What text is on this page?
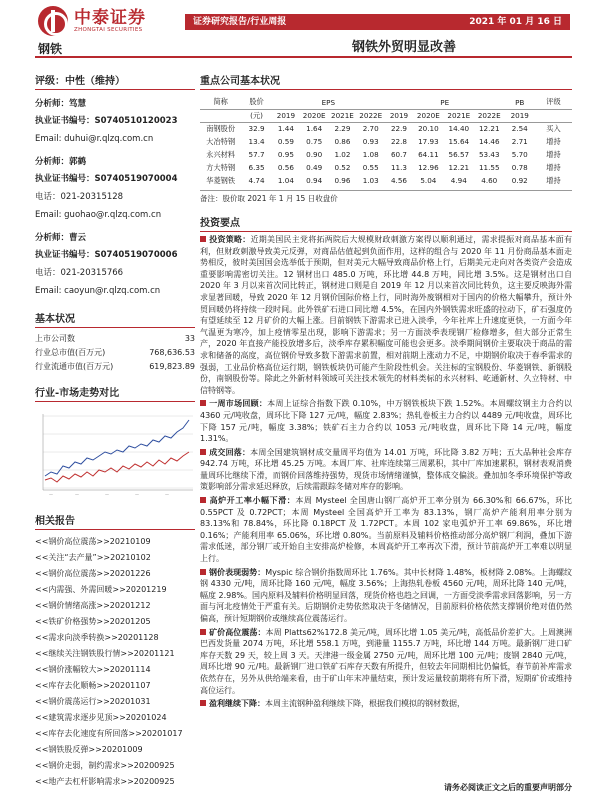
中泰证券
ZHONGTAI SECURITIES
证券研究报告/行业周报	2021 年 01 月 16 日
钢铁	钢铁外贸明显改善
评级：中性（维持）
分析师：笃慧
执业证书编号：S0740510120023
Email: duhui@r.qlzq.com.cn
分析师：郭鹤
执业证书编号：S0740519070004
电话：021-20315128
Email: guohao@r.qlzq.com.cn
分析师：曹云
执业证书编号：S0740519070006
电话：021-20315766
Email: caoyun@r.qlzq.com.cn
基本状况
上市公司数	33
行业总市值(百万元)	768,636.53
行业流通市值(百万元)	619,823.89
行业-市场走势对比
—	—	—	—	—
相关报告
<<钢价高位震荡>>20210109
<<关注“去产量”>>20210102
<<钢价高位震荡>>20201226
<<内需强、外需回暖>>20201219
<<钢价情绪高涨>>20201212
<<铁矿价格强势>>20201205
<<需求向淡季转换>>20201128
<<继续关注钢铁股行情>>20201121
<<钢价涨幅较大>>20201114
<<库存去化顺畅>>20201107
<<钢价震荡运行>>20201031
<<建筑需求逐步见顶>>20201024
<<库存去化速度有所回落>>20201017
<<钢铁股反弹>>20201009
<<钢价走弱，制约需求>>20200925
<<地产去杠杆影响需求>>20200925
重点公司基本状况
简称	股价	EPS				PE				PB	评级
	(元)	2019	2020E	2021E	2022E	2019	2020E	2021E	2022E	2019	
南钢股份	32.9	1.44	1.64	2.29	2.70	22.9	20.10	14.40	12.21	2.54	买入
大冶特钢	13.4	0.59	0.75	0.86	0.93	22.8	17.93	15.64	14.46	2.71	增持
永兴材料	57.7	0.95	0.90	1.02	1.08	60.7	64.11	56.57	53.43	5.70	增持
方大特钢	6.35	0.56	0.49	0.52	0.55	11.3	12.96	12.21	11.55	0.78	增持
华菱钢铁	4.74	1.04	0.94	0.96	1.03	4.56	5.04	4.94	4.60	0.92	增持
备注：股价取 2021 年 1 月 15 日收盘价
投资要点

投资策略：近期美国民主党将拓两院后大规模财政刺激方案得以顺利通过，需求提振对商品基本面有利，但财政刺激导致美元反弹，对商品估值起到负面作用，这样的组合与 2020 年 11 月份商品基本面走势相反，彼时美国国会选举低于预期，但对美元大幅导致商品价格上行，后期美元走向对各类资产会造成重要影响需密切关注。12 钢材出口 485.0 万吨，环比增 44.8 万吨，同比增 3.5%。这是钢材出口自 2020 年 3 月以来首次同比转正，钢材进口则是自 2019 年 12 月以来首次同比转负，这主要反映海外需求显著回暖，导致 2020 年 12 月钢价国际价格上行，同时海外废钢相对于国内的价格大幅攀升，预计外贸回暖仍将持续一段时间。此外铁矿石进口同比增 4.5%，在国内外钢铁需求旺盛的拉动下，矿石强度仍有望延续至 12 月矿价的大幅上涨。目前钢铁下游需求已进入淡季，今年社库上升速度更快，一方面今年气温更为寒冷，加上疫情零星出现，影响下游需求；另一方面淡季表现钢厂检修增多，但大部分正常生产，2020 年直接产能投放增多后，淡季库存累积幅度可能也会更多。淡季期间钢价主要取决于商品的需求和储备的高度，高位钢价导致多数下游需求前置，相对前期上涨动力不足，中期钢价取决于春季需求的强弱，工业品价格高位运行期，钢铁板块仍可能产生阶段性机会。关注标的宝钢股份、华菱钢铁、新钢股份，南钢股份等。除此之外新材料领域可关注技术领先的材料类标的永兴材料、屹通新材、久立特材、中信特钢等。

一周市场回顾：本周上证综合指数下跌 0.10%，中万钢铁板块下跌 1.52%。本周螺纹钢主力合约以 4360 元/吨收盘，周环比下降 127 元/吨，幅度 2.83%；热轧卷板主力合约以 4489 元/吨收盘，周环比下降 157 元/吨，幅度 3.38%；铁矿石主力合约以 1053 元/吨收盘，周环比下降 14 元/吨，幅度 1.31%。

成交回落：本周全国建筑钢材成交量周平均值为 14.01 万吨，环比降 3.82 万吨；五大品种社会库存 942.74 万吨，环比增 45.25 万吨。本周厂库、社库连续第三周累积，其中厂库加速累积，钢材表观消费量周环比继续下滑，而钢价回落维持强势，现货市场情绪谨慎，整体成交偏淡。叠加加冬季环境保护等政策影响部分需求延迟释放，后续需跟踪冬储对库存的影响。

高炉开工率小幅下滑：本周 Mysteel 全国唐山钢厂高炉开工率分别为 66.30%和 66.67%，环比 0.55PCT 及 0.72PCT；本周 Mysteel 全国高炉开工率为 83.13%，钢厂高炉产能利用率分别为 83.13%和 78.84%，环比降 0.18PCT 及 1.72PCT。本周 102 家电弧炉开工率 69.86%，环比增 0.16%；产能利用率 65.06%，环比增 0.80%。当前原料及辅料价格推动部分高炉钢厂利润，叠加下游需求低迷，部分钢厂或开始自主安排高炉检修，本周高炉开工率再次下滑，预计节前高炉开工率难以明显上行。

钢价表现弱势：Myspic 综合钢价指数周环比 1.76%。其中长材降 1.48%，板材降 2.08%。上海螺纹钢 4330 元/吨，周环比降 160 元/吨，幅度 3.56%；上海热轧卷板 4560 元/吨，周环比降 140 元/吨，幅度 2.98%。国内原料及辅料价格明显回落，现货价格也趋之回调，一方面受淡季需求回落影响，另一方面与河北疫情处于严重有关。后期钢价走势依然取决于冬储情况，目前原料价格依然支撑钢价绝对值仍然偏高，预计短期钢价或继续高位震荡运行。

矿价高位震荡：本周 Platts62%172.8 美元/吨，周环比增 1.05 美元/吨，高低品价差扩大。上周澳洲巴西发货量 2074 万吨，环比增 558.1 万吨，到港量 1155.7 万吨，环比增 144 万吨。最新钢厂进口矿库存天数 29 天，较上周 3 天。天津港一级金属 2750 元/吨，周环比增 100 元/吨；废钢 2840 元/吨，周环比增 90 元/吨。最新钢厂进口铁矿石库存天数有所提升，但较去年同期相比仍偏低，春节前补库需求依然存在，另外从供给端来看，由于矿山年末冲量结束，预计发运量较前期将有所下滑，短期矿价或维持高位运行。

盈利继续下降：本周主流钢种盈利继续下降，根据我们模拟的钢材数据，

请务必阅读正文之后的重要声明部分
